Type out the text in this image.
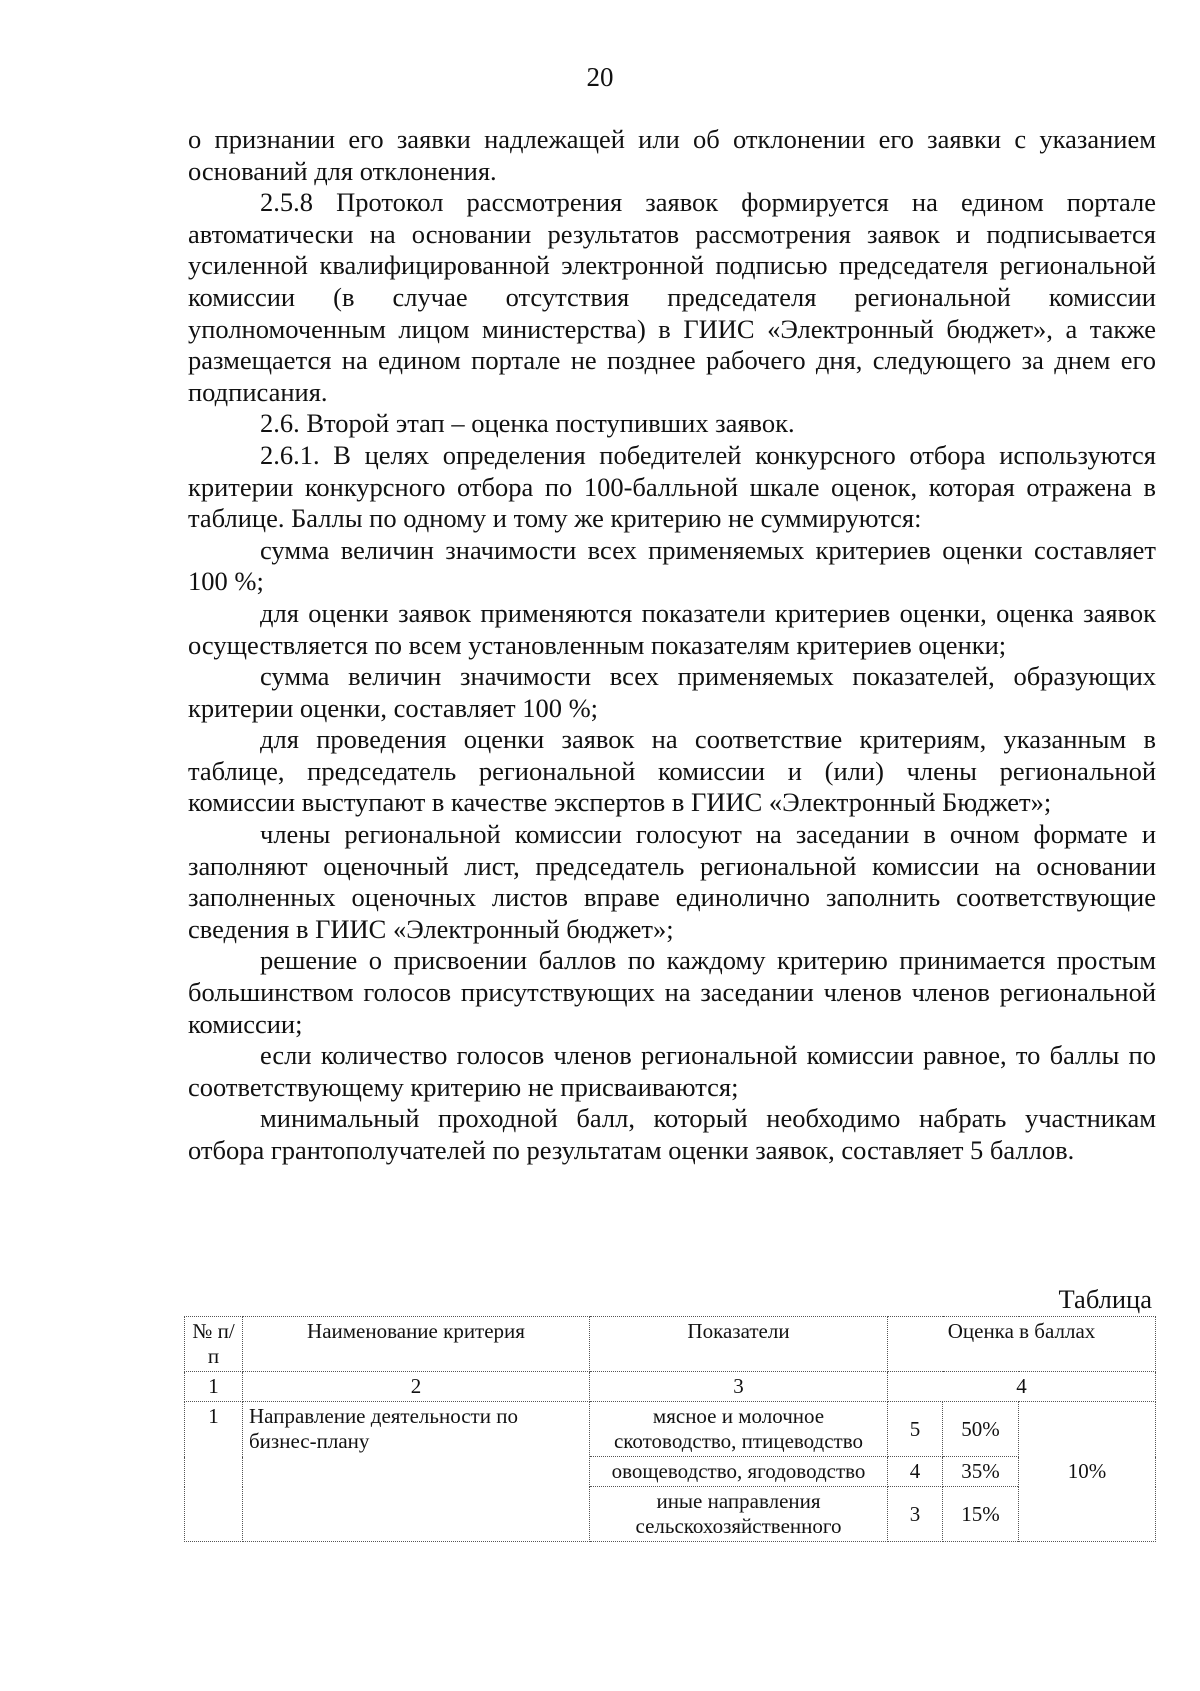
20

о признании его заявки надлежащей или об отклонении его заявки с указанием оснований для отклонения.

2.5.8 Протокол рассмотрения заявок формируется на едином портале автоматически на основании результатов рассмотрения заявок и подписывается усиленной квалифицированной электронной подписью председателя региональной комиссии (в случае отсутствия председателя региональной комиссии уполномоченным лицом министерства) в ГИИС «Электронный бюджет», а также размещается на едином портале не позднее рабочего дня, следующего за днем его подписания.

2.6. Второй этап – оценка поступивших заявок.

2.6.1. В целях определения победителей конкурсного отбора используются критерии конкурсного отбора по 100-балльной шкале оценок, которая отражена в таблице. Баллы по одному и тому же критерию не суммируются:

сумма величин значимости всех применяемых критериев оценки составляет 100 %;

для оценки заявок применяются показатели критериев оценки, оценка заявок осуществляется по всем установленным показателям критериев оценки;

сумма величин значимости всех применяемых показателей, образующих критерии оценки, составляет 100 %;

для проведения оценки заявок на соответствие критериям, указанным в таблице, председатель региональной комиссии и (или) члены региональной комиссии выступают в качестве экспертов в ГИИС «Электронный Бюджет»;

члены региональной комиссии голосуют на заседании в очном формате и заполняют оценочный лист, председатель региональной комиссии на основании заполненных оценочных листов вправе единолично заполнить соответствующие сведения в ГИИС «Электронный бюджет»;

решение о присвоении баллов по каждому критерию принимается простым большинством голосов присутствующих на заседании членов членов региональной комиссии;

если количество голосов членов региональной комиссии равное, то баллы по соответствующему критерию не присваиваются;

минимальный проходной балл, который необходимо набрать участникам отбора грантополучателей по результатам оценки заявок, составляет 5 баллов.

Таблица
№ п/п	Наименование критерия	Показатели	Оценка в баллах		
1	2	3	4		
1	Направление деятельности по бизнес-плану	мясное и молочное скотоводство, птицеводство	5	50%	10%
		овощеводство, ягодоводство	4	35%	
		иные направления сельскохозяйственного	3	15%	
